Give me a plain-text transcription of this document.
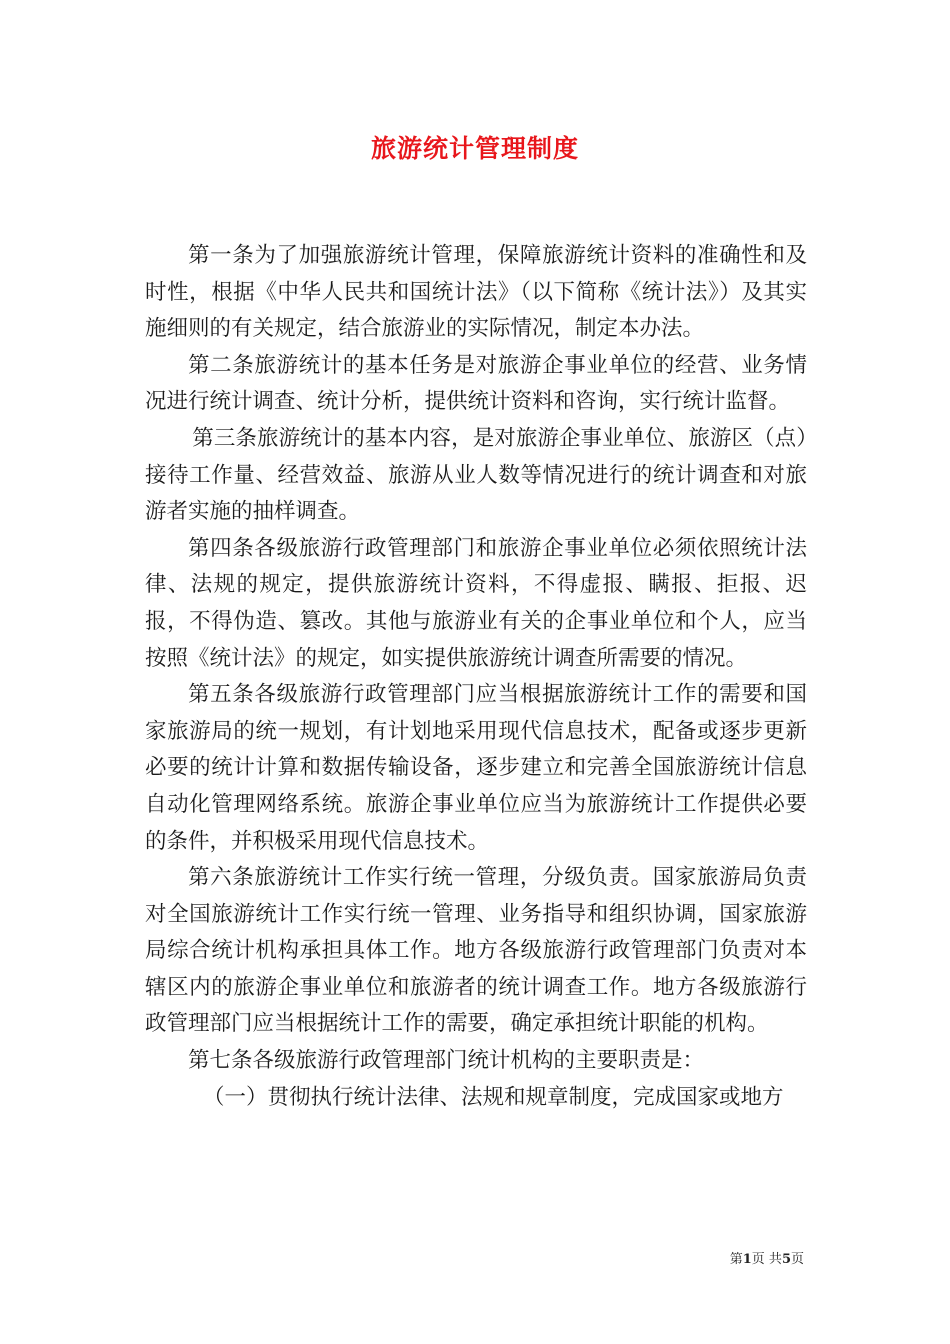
旅游统计管理制度

第一条为了加强旅游统计管理，保障旅游统计资料的准确性和及时性，根据《中华人民共和国统计法》（以下简称《统计法》）及其实施细则的有关规定，结合旅游业的实际情况，制定本办法。

第二条旅游统计的基本任务是对旅游企事业单位的经营、业务情况进行统计调查、统计分析，提供统计资料和咨询，实行统计监督。

第三条旅游统计的基本内容，是对旅游企事业单位、旅游区（点）接待工作量、经营效益、旅游从业人数等情况进行的统计调查和对旅游者实施的抽样调查。

第四条各级旅游行政管理部门和旅游企事业单位必须依照统计法律、法规的规定，提供旅游统计资料，不得虚报、瞒报、拒报、迟报，不得伪造、篡改。其他与旅游业有关的企事业单位和个人，应当按照《统计法》的规定，如实提供旅游统计调查所需要的情况。

第五条各级旅游行政管理部门应当根据旅游统计工作的需要和国家旅游局的统一规划，有计划地采用现代信息技术，配备或逐步更新必要的统计计算和数据传输设备，逐步建立和完善全国旅游统计信息自动化管理网络系统。旅游企事业单位应当为旅游统计工作提供必要的条件，并积极采用现代信息技术。

第六条旅游统计工作实行统一管理，分级负责。国家旅游局负责对全国旅游统计工作实行统一管理、业务指导和组织协调，国家旅游局综合统计机构承担具体工作。地方各级旅游行政管理部门负责对本辖区内的旅游企事业单位和旅游者的统计调查工作。地方各级旅游行政管理部门应当根据统计工作的需要，确定承担统计职能的机构。

第七条各级旅游行政管理部门统计机构的主要职责是：

（一）贯彻执行统计法律、法规和规章制度，完成国家或地方

第1页 共5页
